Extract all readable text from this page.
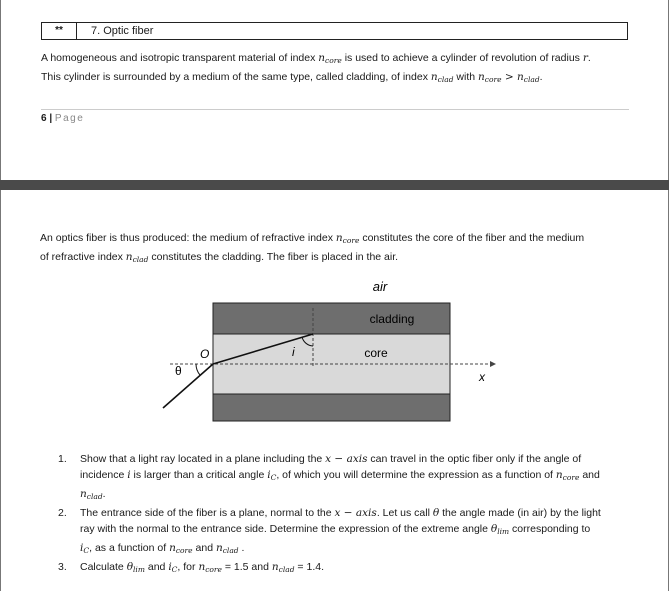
**	7. Optic fiber
A homogeneous and isotropic transparent material of index $n_{core}$ is used to achieve a cylinder of revolution of radius r.
This cylinder is surrounded by a medium of the same type, called cladding, of index $n_{clad}$ with $n_{core} > n_{clad}$.
6 | Page
An optics fiber is thus produced: the medium of refractive index $n_{core}$ constitutes the core of the fiber and the medium
of refractive index $n_{clad}$ constitutes the cladding. The fiber is placed in the air.
air
cladding
core
x
O
θ
i
1.	Show that a light ray located in a plane including the x − axis can travel in the optic fiber only if the angle of
incidence i is larger than a critical angle $i_C$, of which you will determine the expression as a function of $n_{core}$ and
$n_{clad}$.
2.	The entrance side of the fiber is a plane, normal to the x − axis. Let us call θ the angle made (in air) by the light
ray with the normal to the entrance side. Determine the expression of the extreme angle $\theta_{lim}$ corresponding to
$i_C$, as a function of $n_{core}$ and $n_{clad}$ .
3.	Calculate $\theta_{lim}$ and $i_C$, for $n_{core} = 1.5$ and $n_{clad} = 1.4$.
